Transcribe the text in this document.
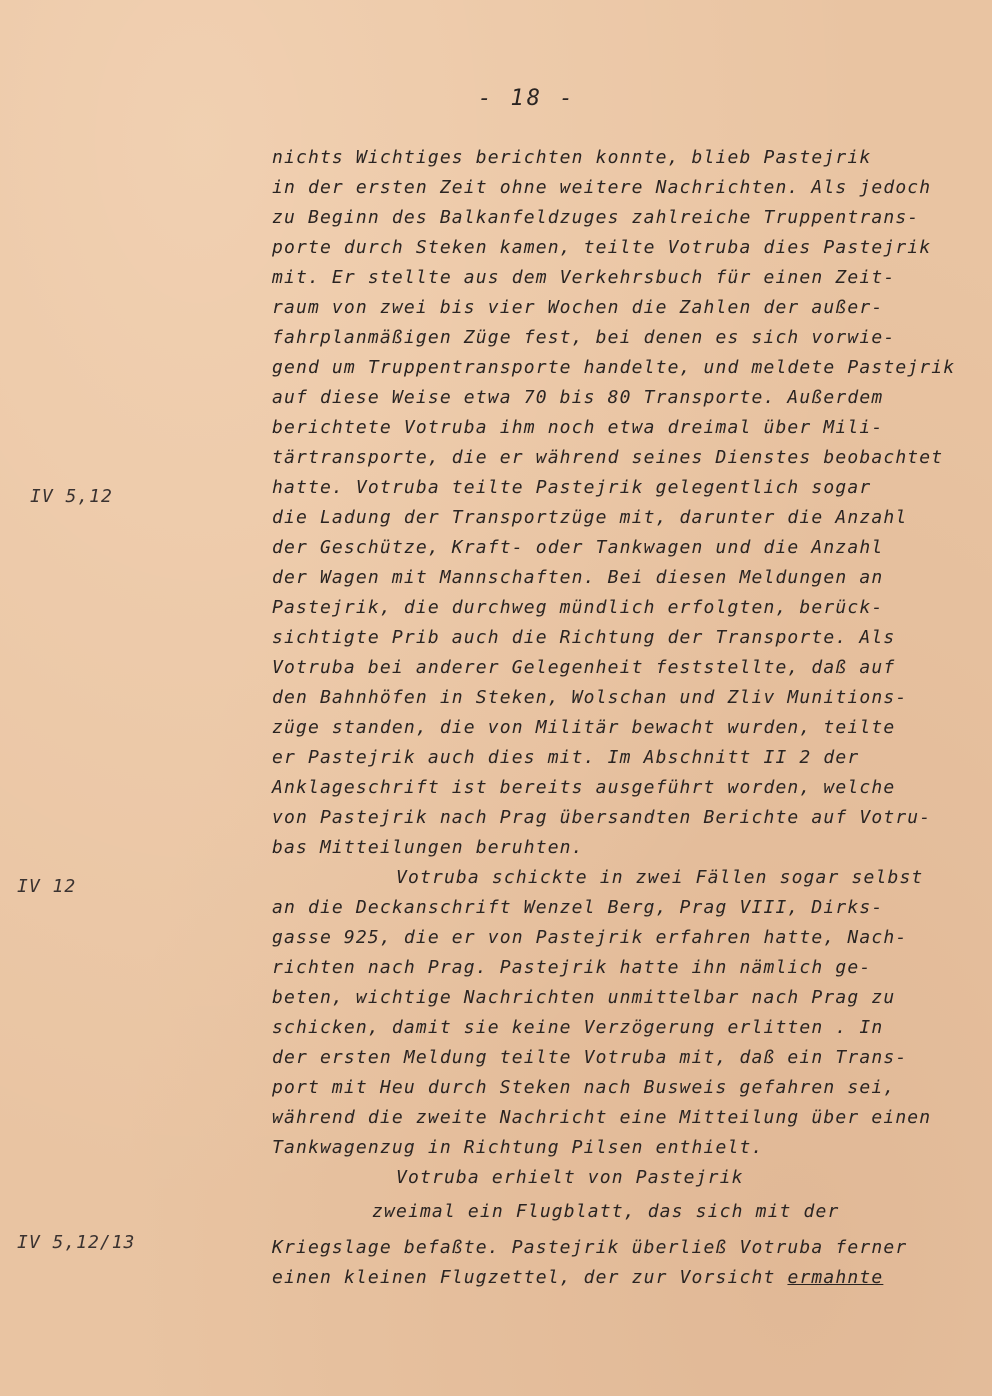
- 18 -
IV 5,12
IV 12
IV 5,12/13
nichts Wichtiges berichten konnte, blieb Pastejrik
in der ersten Zeit ohne weitere Nachrichten. Als jedoch
zu Beginn des Balkanfeldzuges zahlreiche Truppentrans-
porte durch Steken kamen, teilte Votruba dies Pastejrik
mit. Er stellte aus dem Verkehrsbuch für einen Zeit-
raum von zwei bis vier Wochen die Zahlen der außer-
fahrplanmäßigen Züge fest, bei denen es sich vorwie-
gend um Truppentransporte handelte, und meldete Pastejrik
auf diese Weise etwa 70 bis 80 Transporte. Außerdem
berichtete Votruba ihm noch etwa dreimal über Mili-
tärtransporte, die er während seines Dienstes beobachtet
hatte. Votruba teilte Pastejrik gelegentlich sogar
die Ladung der Transportzüge mit, darunter die Anzahl
der Geschütze, Kraft- oder Tankwagen und die Anzahl
der Wagen mit Mannschaften. Bei diesen Meldungen an
Pastejrik, die durchweg mündlich erfolgten, berück-
sichtigte Prib auch die Richtung der Transporte. Als
Votruba bei anderer Gelegenheit feststellte, daß auf
den Bahnhöfen in Steken, Wolschan und Zliv Munitions-
züge standen, die von Militär bewacht wurden, teilte
er Pastejrik auch dies mit. Im Abschnitt II 2 der
Anklageschrift ist bereits ausgeführt worden, welche
von Pastejrik nach Prag übersandten Berichte auf Votru-
bas Mitteilungen beruhten.
Votruba schickte in zwei Fällen sogar selbst
an die Deckanschrift Wenzel Berg, Prag VIII, Dirks-
gasse 925, die er von Pastejrik erfahren hatte, Nach-
richten nach Prag. Pastejrik hatte ihn nämlich ge-
beten, wichtige Nachrichten unmittelbar nach Prag zu
schicken, damit sie keine Verzögerung erlitten . In
der ersten Meldung teilte Votruba mit, daß ein Trans-
port mit Heu durch Steken nach Busweis gefahren sei,
während die zweite Nachricht eine Mitteilung über einen
Tankwagenzug in Richtung Pilsen enthielt.
Votruba erhielt von Pastejrik
zweimal ein Flugblatt, das sich mit der
Kriegslage befaßte. Pastejrik überließ Votruba ferner
einen kleinen Flugzettel, der zur Vorsicht ermahnte
